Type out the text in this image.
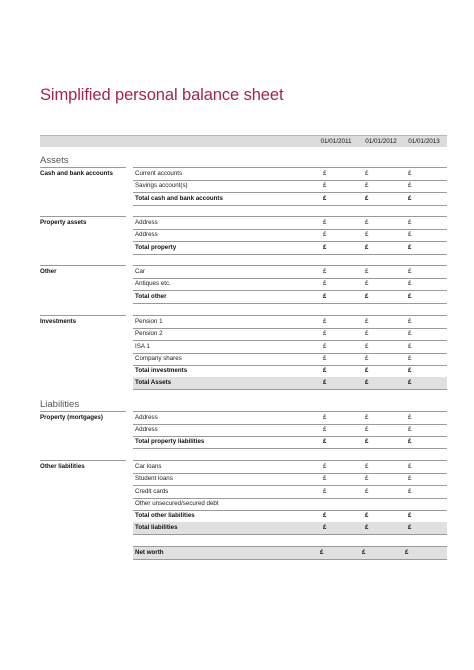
Simplified personal balance sheet
01/01/2011	01/01/2012	01/01/2013
Assets
Cash and bank accounts	Current accounts	£	£	£
Savings account(s)	£	£	£
Total cash and bank accounts	£	£	£
Property assets	Address	£	£	£
Address	£	£	£
Total property	£	£	£
Other	Car	£	£	£
Antiques etc.	£	£	£
Total other	£	£	£
Investments	Pension 1	£	£	£
Pension 2	£	£	£
ISA 1	£	£	£
Company shares	£	£	£
Total investments	£	£	£
Total Assets	£	£	£
Liabilities
Property (mortgages)	Address	£	£	£
Address	£	£	£
Total property liabilities	£	£	£
Other liabilities	Car loans	£	£	£
Student loans	£	£	£
Credit cards	£	£	£
Other unsecured/secured debt
Total other liabilities	£	£	£
Total liabilities	£	£	£
Net worth	£	£	£
